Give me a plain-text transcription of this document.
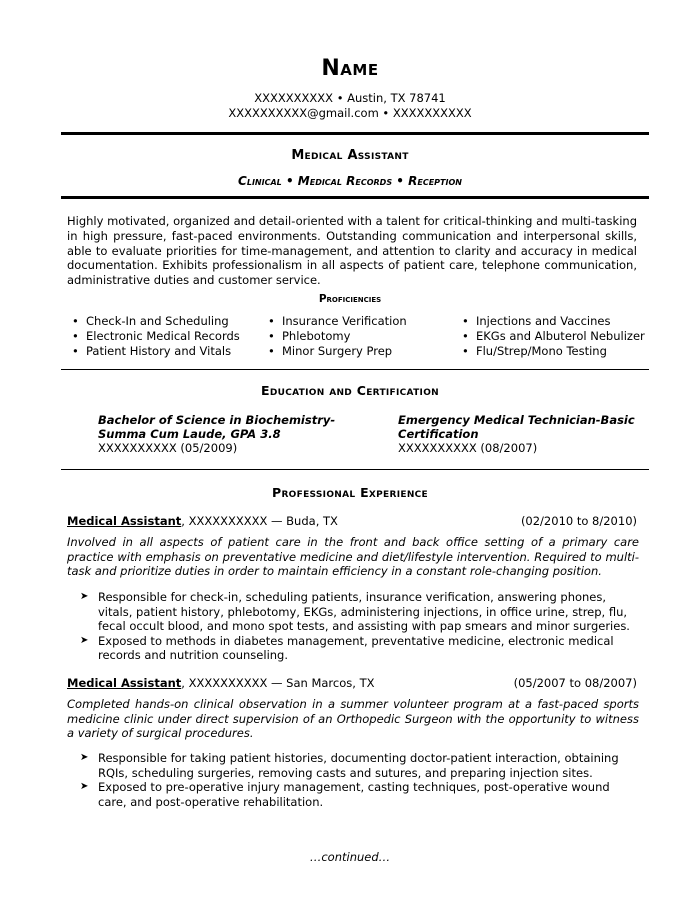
Name
XXXXXXXXXX • Austin, TX 78741
XXXXXXXXXX@gmail.com • XXXXXXXXXX
Medical Assistant
Clinical • Medical Records • Reception
Highly motivated, organized and detail-oriented with a talent for critical-thinking and multi-tasking in high pressure, fast-paced environments. Outstanding communication and interpersonal skills, able to evaluate priorities for time-management, and attention to clarity and accuracy in medical documentation. Exhibits professionalism in all aspects of patient care, telephone communication, administrative duties and customer service.
Proficiencies
• Check-In and Scheduling
• Electronic Medical Records
• Patient History and Vitals
• Insurance Verification
• Phlebotomy
• Minor Surgery Prep
• Injections and Vaccines
• EKGs and Albuterol Nebulizer
• Flu/Strep/Mono Testing
Education and Certification
Bachelor of Science in Biochemistry-
Summa Cum Laude, GPA 3.8
XXXXXXXXXX (05/2009)
Emergency Medical Technician-Basic
Certification
XXXXXXXXXX (08/2007)
Professional Experience
Medical Assistant, XXXXXXXXXX — Buda, TX	(02/2010 to 8/2010)
Involved in all aspects of patient care in the front and back office setting of a primary care practice with emphasis on preventative medicine and diet/lifestyle intervention. Required to multi-task and prioritize duties in order to maintain efficiency in a constant role-changing position.
➤ Responsible for check-in, scheduling patients, insurance verification, answering phones, vitals, patient history, phlebotomy, EKGs, administering injections, in office urine, strep, flu, fecal occult blood, and mono spot tests, and assisting with pap smears and minor surgeries.
➤ Exposed to methods in diabetes management, preventative medicine, electronic medical records and nutrition counseling.
Medical Assistant, XXXXXXXXXX — San Marcos, TX	(05/2007 to 08/2007)
Completed hands-on clinical observation in a summer volunteer program at a fast-paced sports medicine clinic under direct supervision of an Orthopedic Surgeon with the opportunity to witness a variety of surgical procedures.
➤ Responsible for taking patient histories, documenting doctor-patient interaction, obtaining RQIs, scheduling surgeries, removing casts and sutures, and preparing injection sites.
➤ Exposed to pre-operative injury management, casting techniques, post-operative wound care, and post-operative rehabilitation.
…continued…
